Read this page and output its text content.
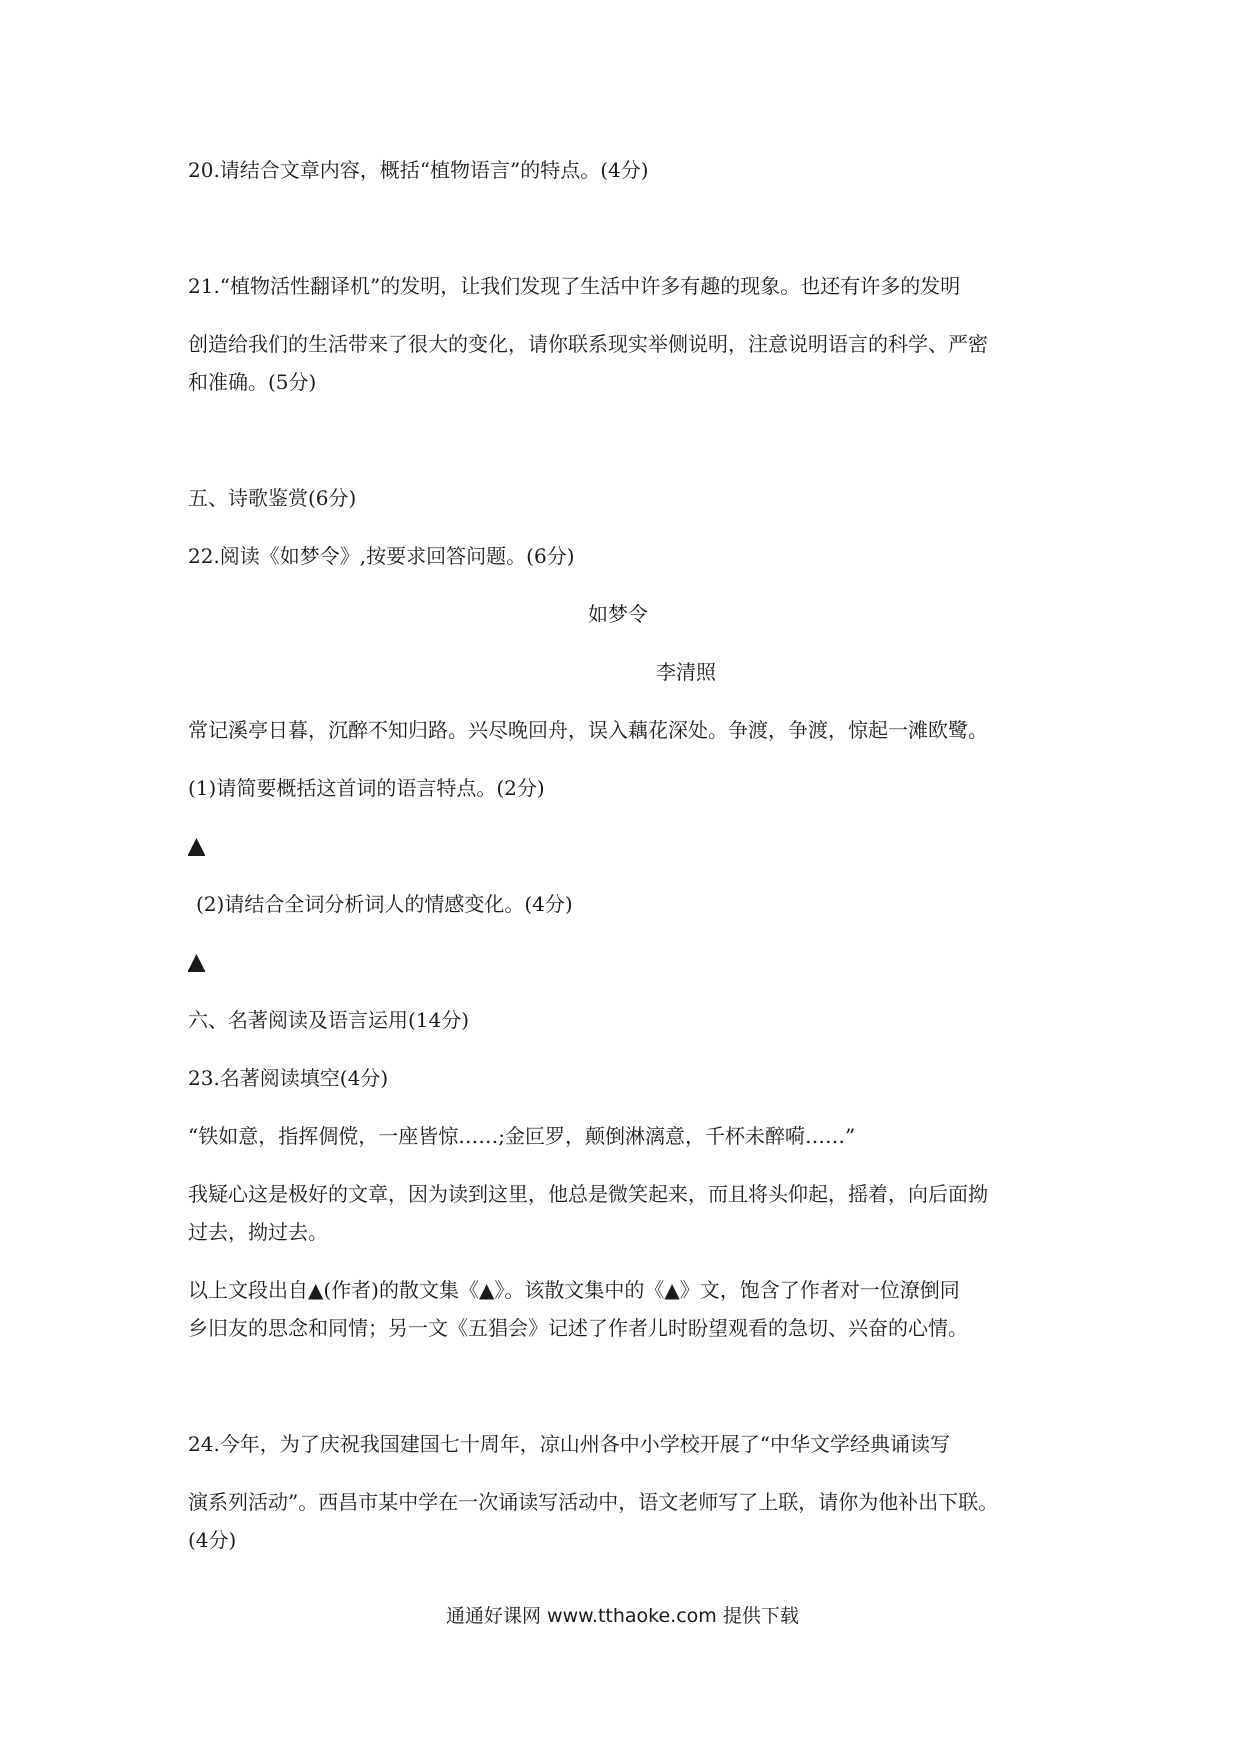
20.请结合文章内容，概括“植物语言”的特点。(4分)
21.“植物活性翻译机”的发明，让我们发现了生活中许多有趣的现象。也还有许多的发明
创造给我们的生活带来了很大的变化，请你联系现实举侧说明，注意说明语言的科学、严密
和准确。(5分)
五、诗歌鉴赏(6分)
22.阅读《如梦令》,按要求回答问题。(6分)
如梦令
李清照
常记溪亭日暮，沉醉不知归路。兴尽晚回舟，误入藕花深处。争渡，争渡，惊起一滩欧鹭。
(1)请简要概括这首词的语言特点。(2分)
▲
(2)请结合全词分析词人的情感变化。(4分)
▲
六、名著阅读及语言运用(14分)
23.名著阅读填空(4分)
“铁如意，指挥倜傥，一座皆惊……;金叵罗，颠倒淋漓意，千杯未醉嗬……”
我疑心这是极好的文章，因为读到这里，他总是微笑起来，而且将头仰起，摇着，向后面拗
过去，拗过去。
以上文段出自▲(作者)的散文集《▲》。该散文集中的《▲》文，饱含了作者对一位潦倒同
乡旧友的思念和同情；另一文《五猖会》记述了作者儿时盼望观看的急切、兴奋的心情。
24.今年，为了庆祝我国建国七十周年，凉山州各中小学校开展了“中华文学经典诵读写
演系列活动”。西昌市某中学在一次诵读写活动中，语文老师写了上联，请你为他补出下联。
(4分)
通通好课网 www.tthaoke.com 提供下载
